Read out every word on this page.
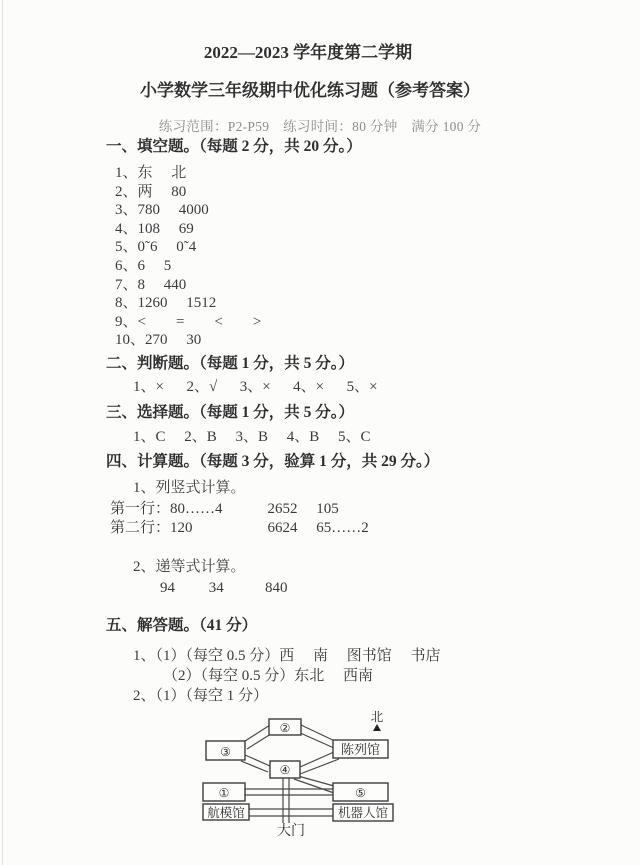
2022—2023 学年度第二学期
小学数学三年级期中优化练习题（参考答案）
练习范围：P2-P59　练习时间：80 分钟　满分 100 分
一、填空题。（每题 2 分，共 20 分。）
1、东　 北
2、两　 80
3、780　 4000
4、108　 69
5、0˜6　 0˜4
6、6　 5
7、8　 440
8、1260　 1512
9、<　　=　　<　　>
10、270　 30
二、判断题。（每题 1 分，共 5 分。）
1、×　  2、√　  3、×　  4、×　  5、×
三、选择题。（每题 1 分，共 5 分。）
1、C　 2、B　 3、B　 4、B　 5、C
四、计算题。（每题 3 分，验算 1 分，共 29 分。）
1、列竖式计算。
第一行：80……4            2652     105
第二行：120                    6624     65……2
2、递等式计算。
94         34           840
五、解答题。（41 分）
1、（1）（每空 0.5 分）西　 南　 图书馆　 书店
（2）（每空 0.5 分）东北　 西南
2、（1）（每空 1 分）
②
③	陈列馆
④
①	⑤
航模馆	机器人馆
大门
北
